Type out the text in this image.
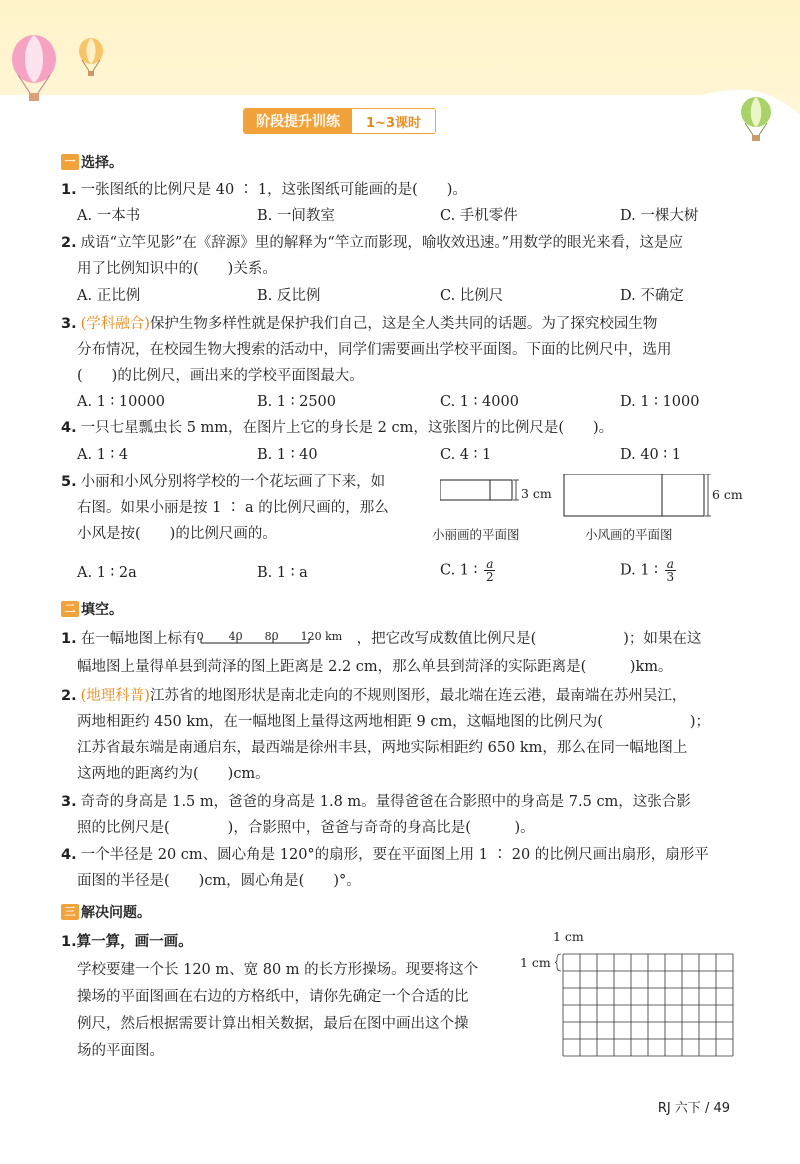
阶段提升训练	1~3课时
一 选择。
1. 一张图纸的比例尺是 40 ∶ 1，这张图纸可能画的是(　　)。
A. 一本书	B. 一间教室	C. 手机零件	D. 一棵大树
2. 成语“立竿见影”在《辞源》里的解释为“竿立而影现，喻收效迅速。”用数学的眼光来看，这是应
用了比例知识中的(　　)关系。
A. 正比例	B. 反比例	C. 比例尺	D. 不确定
3. (学科融合)保护生物多样性就是保护我们自己，这是全人类共同的话题。为了探究校园生物
分布情况，在校园生物大搜索的活动中，同学们需要画出学校平面图。下面的比例尺中，选用
(　　)的比例尺，画出来的学校平面图最大。
A. 1 ∶ 10000	B. 1 ∶ 2500	C. 1 ∶ 4000	D. 1 ∶ 1000
4. 一只七星瓢虫长 5 mm，在图片上它的身长是 2 cm，这张图片的比例尺是(　　)。
A. 1 ∶ 4	B. 1 ∶ 40	C. 4 ∶ 1	D. 40 ∶ 1
5. 小丽和小风分别将学校的一个花坛画了下来，如
右图。如果小丽是按 1 ∶ a 的比例尺画的，那么
小风是按(　　)的比例尺画的。
3 cm	6 cm
小丽画的平面图	小风画的平面图
A. 1 ∶ 2a	B. 1 ∶ a	C. 1 ∶ $\frac{a}{2}$	D. 1 ∶ $\frac{a}{3}$
二 填空。
1. 在一幅地图上标有 0 40 80 120 km ，把它改写成数值比例尺是(　　　　　　)；如果在这
幅地图上量得单县到菏泽的图上距离是 2.2 cm，那么单县到菏泽的实际距离是(　　　)km。
2. (地理科普)江苏省的地图形状是南北走向的不规则图形，最北端在连云港，最南端在苏州吴江，
两地相距约 450 km，在一幅地图上量得这两地相距 9 cm，这幅地图的比例尺为(　　　　　　)；
江苏省最东端是南通启东，最西端是徐州丰县，两地实际相距约 650 km，那么在同一幅地图上
这两地的距离约为(　　)cm。
3. 奇奇的身高是 1.5 m，爸爸的身高是 1.8 m。量得爸爸在合影照中的身高是 7.5 cm，这张合影
照的比例尺是(　　　　)，合影照中，爸爸与奇奇的身高比是(　　　)。
4. 一个半径是 20 cm、圆心角是 120°的扇形，要在平面图上用 1 ∶ 20 的比例尺画出扇形，扇形平
面图的半径是(　　)cm，圆心角是(　　)°。
三 解决问题。
1.算一算，画一画。
学校要建一个长 120 m、宽 80 m 的长方形操场。现要将这个
操场的平面图画在右边的方格纸中，请你先确定一个合适的比
例尺，然后根据需要计算出相关数据，最后在图中画出这个操
场的平面图。
1 cm
1 cm
RJ 六下 / 49
